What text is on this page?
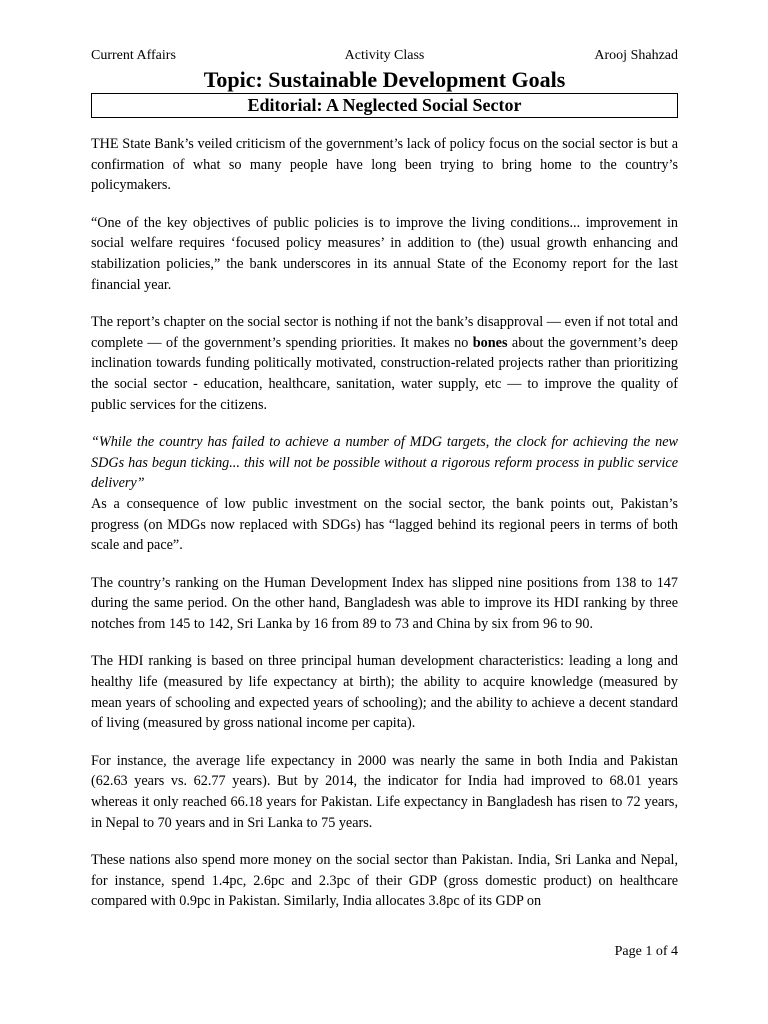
Current Affairs	Activity Class	Arooj Shahzad
Topic: Sustainable Development Goals
Editorial: A Neglected Social Sector

THE State Bank’s veiled criticism of the government’s lack of policy focus on the social sector is but a confirmation of what so many people have long been trying to bring home to the country’s policymakers.

“One of the key objectives of public policies is to improve the living conditions... improvement in social welfare requires ‘focused policy measures’ in addition to (the) usual growth enhancing and stabilization policies,” the bank underscores in its annual State of the Economy report for the last financial year.

The report’s chapter on the social sector is nothing if not the bank’s disapproval — even if not total and complete — of the government’s spending priorities. It makes no bones about the government’s deep inclination towards funding politically motivated, construction-related projects rather than prioritizing the social sector - education, healthcare, sanitation, water supply, etc — to improve the quality of public services for the citizens.

“While the country has failed to achieve a number of MDG targets, the clock for achieving the new SDGs has begun ticking... this will not be possible without a rigorous reform process in public service delivery”

As a consequence of low public investment on the social sector, the bank points out, Pakistan’s progress (on MDGs now replaced with SDGs) has “lagged behind its regional peers in terms of both scale and pace”.

The country’s ranking on the Human Development Index has slipped nine positions from 138 to 147 during the same period. On the other hand, Bangladesh was able to improve its HDI ranking by three notches from 145 to 142, Sri Lanka by 16 from 89 to 73 and China by six from 96 to 90.

The HDI ranking is based on three principal human development characteristics: leading a long and healthy life (measured by life expectancy at birth); the ability to acquire knowledge (measured by mean years of schooling and expected years of schooling); and the ability to achieve a decent standard of living (measured by gross national income per capita).

For instance, the average life expectancy in 2000 was nearly the same in both India and Pakistan (62.63 years vs. 62.77 years). But by 2014, the indicator for India had improved to 68.01 years whereas it only reached 66.18 years for Pakistan. Life expectancy in Bangladesh has risen to 72 years, in Nepal to 70 years and in Sri Lanka to 75 years.

These nations also spend more money on the social sector than Pakistan. India, Sri Lanka and Nepal, for instance, spend 1.4pc, 2.6pc and 2.3pc of their GDP (gross domestic product) on healthcare compared with 0.9pc in Pakistan. Similarly, India allocates 3.8pc of its GDP on

Page 1 of 4
